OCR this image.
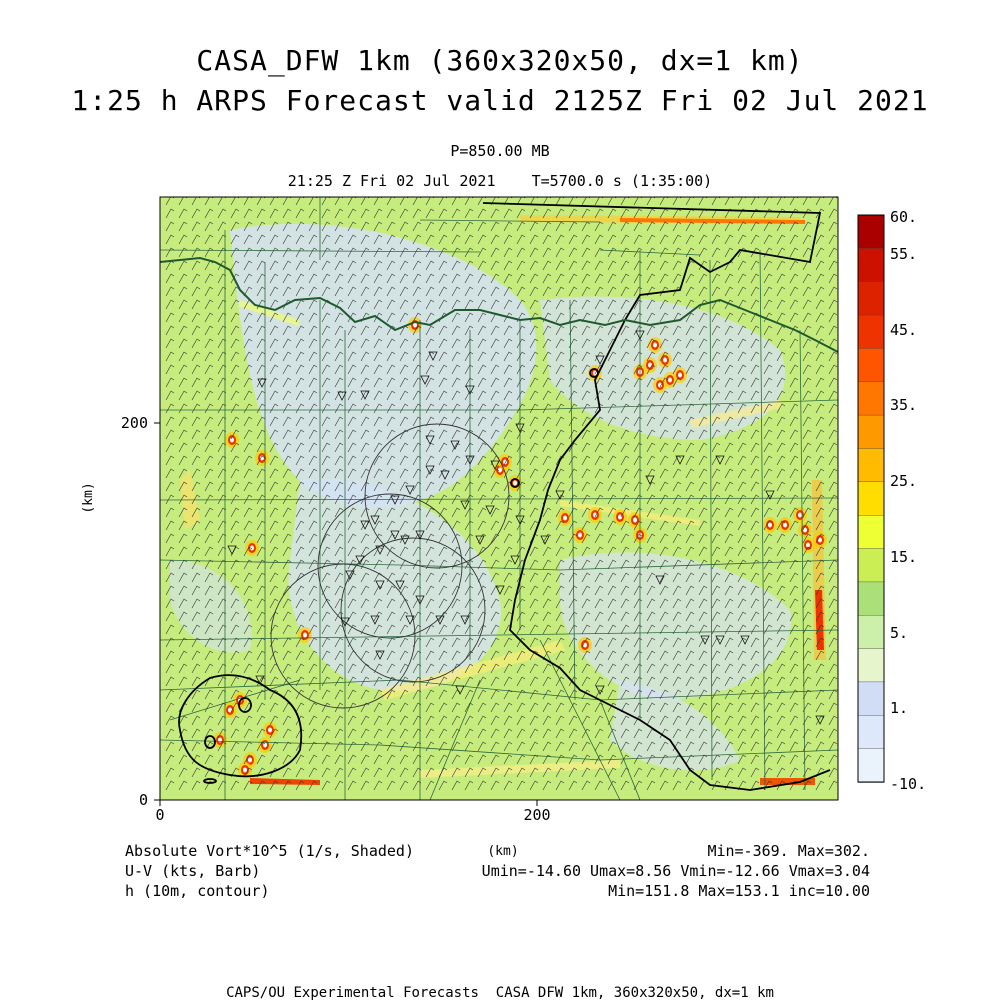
CASA_DFW 1km (360x320x50, dx=1 km)
1:25 h ARPS Forecast valid 2125Z Fri 02 Jul 2021
P=850.00 MB
21:25 Z Fri 02 Jul 2021    T=5700.0 s (1:35:00)
0	200
0
200
(km)
(km)
60.
55.
45.
35.
25.
15.
5.
1.
-10.
Absolute Vort*10^5 (1/s, Shaded)
U-V (kts, Barb)
h (10m, contour)
Min=-369. Max=302.
Umin=-14.60 Umax=8.56 Vmin=-12.66 Vmax=3.04
Min=151.8 Max=153.1 inc=10.00
CAPS/OU Experimental Forecasts  CASA DFW 1km, 360x320x50, dx=1 km
